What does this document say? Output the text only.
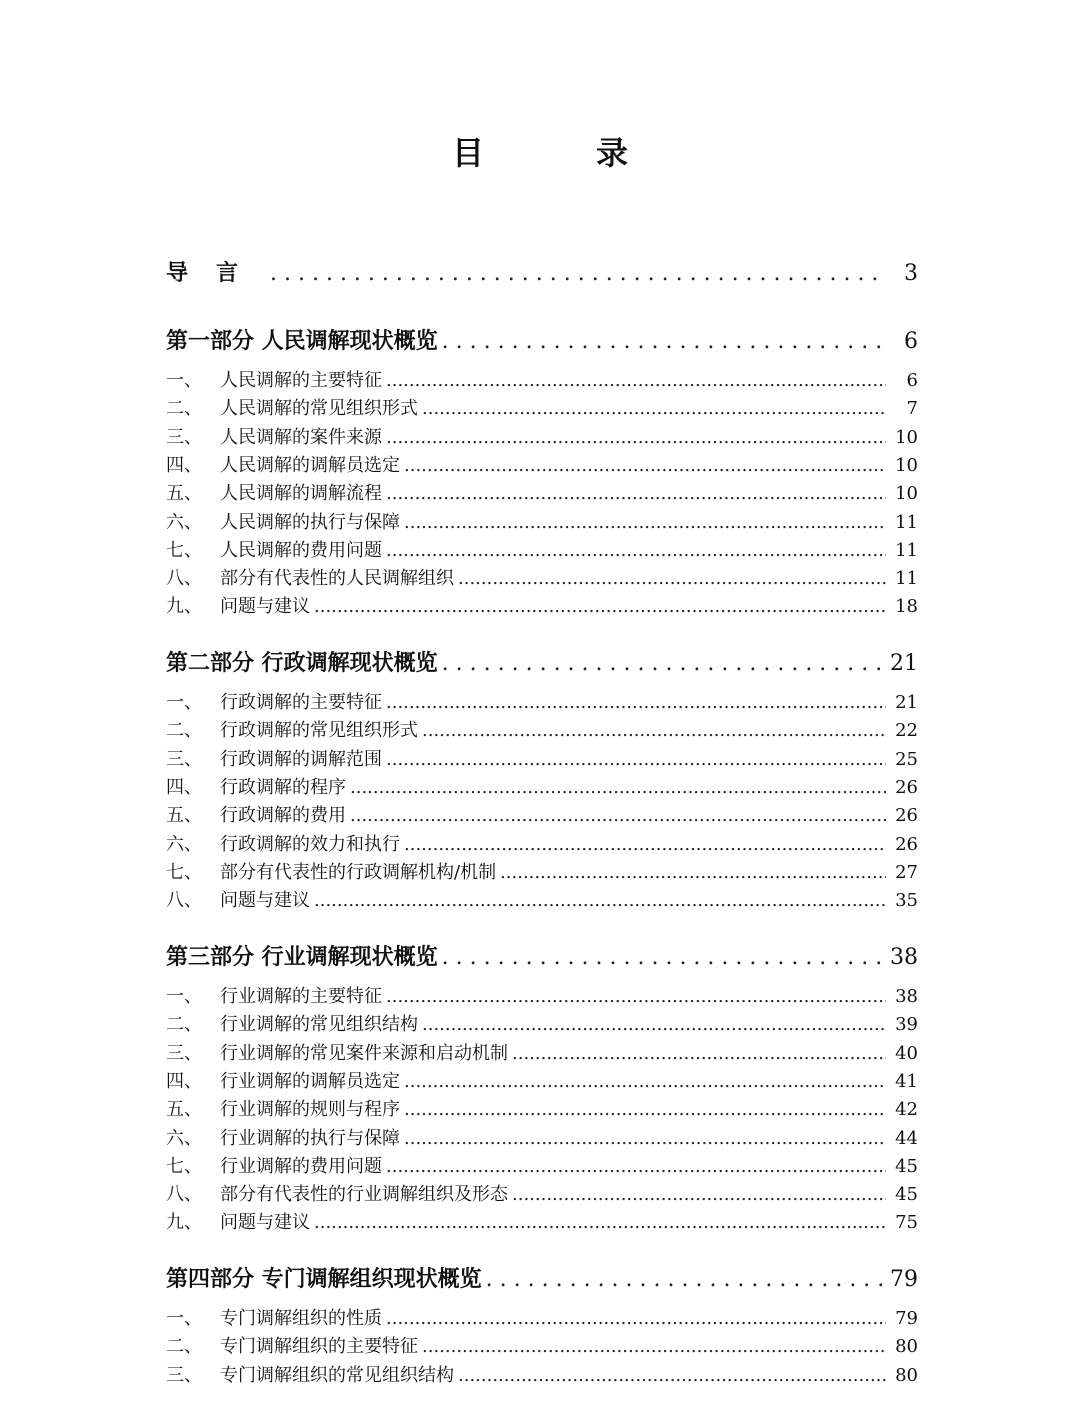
目　录
导言 . .	3
第一部分 人民调解现状概览 . .	6
一、 人民调解的主要特征 .....	6
二、 人民调解的常见组织形式 .....	7
三、 人民调解的案件来源 .....	10
四、 人民调解的调解员选定 .....	10
五、 人民调解的调解流程 .....	10
六、 人民调解的执行与保障 .....	11
七、 人民调解的费用问题 .....	11
八、 部分有代表性的人民调解组织 .....	11
九、 问题与建议 .....	18
第二部分 行政调解现状概览 . .	21
一、 行政调解的主要特征 .....	21
二、 行政调解的常见组织形式 .....	22
三、 行政调解的调解范围 .....	25
四、 行政调解的程序 .....	26
五、 行政调解的费用 .....	26
六、 行政调解的效力和执行 .....	26
七、 部分有代表性的行政调解机构/机制 .....	27
八、 问题与建议 .....	35
第三部分 行业调解现状概览 . .	38
一、 行业调解的主要特征 .....	38
二、 行业调解的常见组织结构 .....	39
三、 行业调解的常见案件来源和启动机制 .....	40
四、 行业调解的调解员选定 .....	41
五、 行业调解的规则与程序 .....	42
六、 行业调解的执行与保障 .....	44
七、 行业调解的费用问题 .....	45
八、 部分有代表性的行业调解组织及形态 .....	45
九、 问题与建议 .....	75
第四部分 专门调解组织现状概览 . .	79
一、 专门调解组织的性质 .....	79
二、 专门调解组织的主要特征 .....	80
三、 专门调解组织的常见组织结构 .....	80
